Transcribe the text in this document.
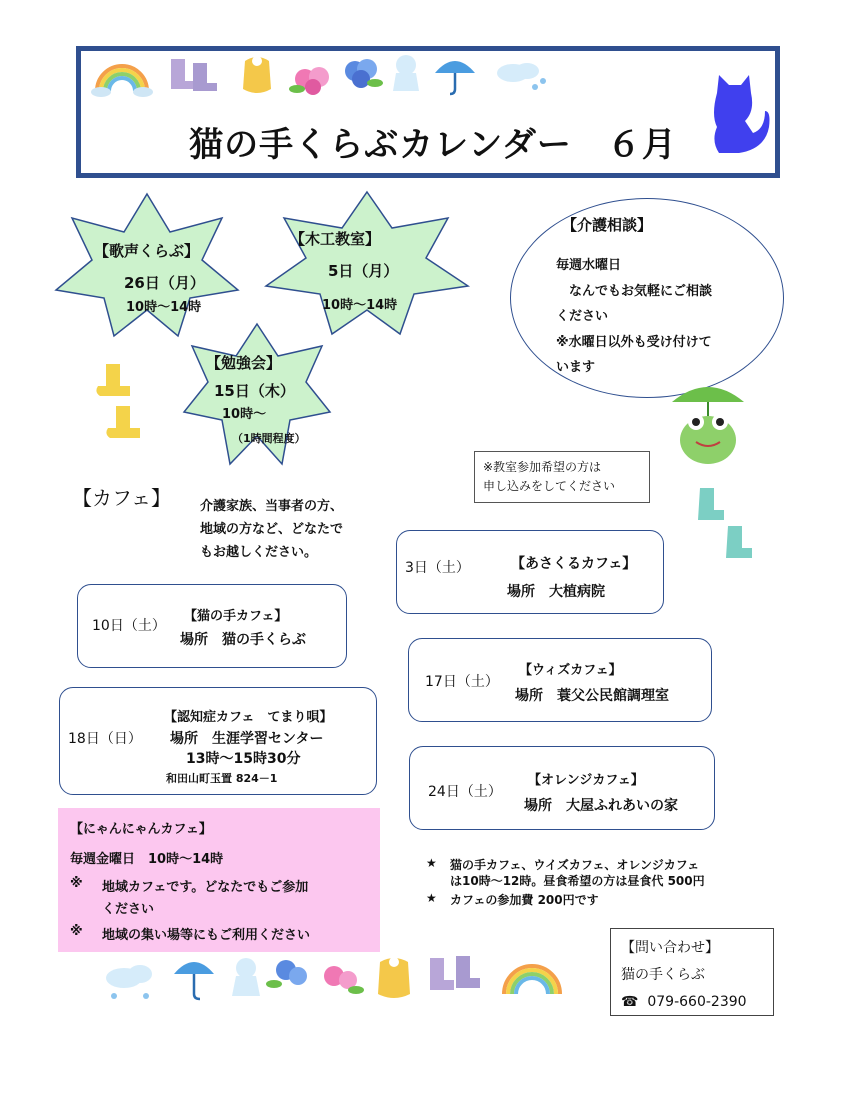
猫の手くらぶカレンダー　６月
【歌声くらぶ】
26日（月）
10時～14時
【木工教室】
5日（月）
10時～14時
【勉強会】
15日（木）
10時～
（1時間程度）
【介護相談】
毎週水曜日
　なんでもお気軽にご相談
ください
※水曜日以外も受け付けて
います
※教室参加希望の方は
申し込みをしてください
【カフェ】 介護家族、当事者の方、
地域の方など、どなたで
もお越しください。
3日（土）	【あさくるカフェ】
場所　大植病院
10日（土）
【猫の手カフェ】
場所　猫の手くらぶ
17日（土）
【ウィズカフェ】
場所　蓑父公民館調理室
18日（日）
【認知症カフェ　てまり唄】
場所　生涯学習センター
13時～15時30分
和田山町玉置 824－1
24日（土）
【オレンジカフェ】
場所　大屋ふれあいの家
【にゃんにゃんカフェ】
毎週金曜日　10時～14時
※ 地域カフェです。どなたでもご参加
ください
※ 地域の集い場等にもご利用ください
★ 猫の手カフェ、ウイズカフェ、オレンジカフェ
は10時～12時。昼食希望の方は昼食代 500円
★ カフェの参加費 200円です
【問い合わせ】
猫の手くらぶ
☎ 079-660-2390
